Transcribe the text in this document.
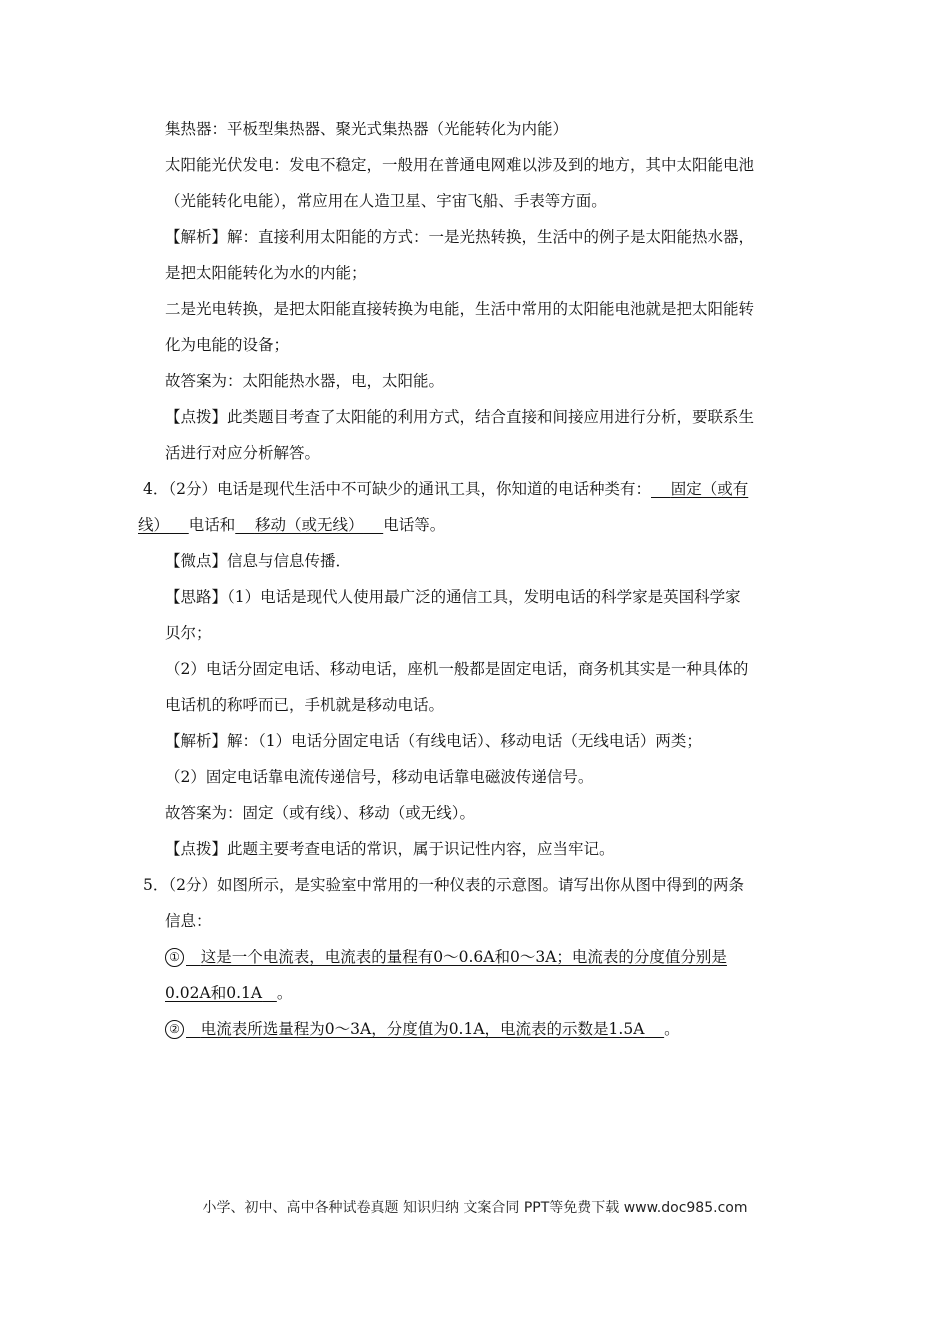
集热器：平板型集热器、聚光式集热器（光能转化为内能）
太阳能光伏发电：发电不稳定，一般用在普通电网难以涉及到的地方，其中太阳能电池
（光能转化电能），常应用在人造卫星、宇宙飞船、手表等方面。
【解析】解：直接利用太阳能的方式：一是光热转换，生活中的例子是太阳能热水器，
是把太阳能转化为水的内能；
二是光电转换，是把太阳能直接转换为电能，生活中常用的太阳能电池就是把太阳能转
化为电能的设备；
故答案为：太阳能热水器，电，太阳能。
【点拨】此类题目考查了太阳能的利用方式，结合直接和间接应用进行分析，要联系生
活进行对应分析解答。
4．（2分）电话是现代生活中不可缺少的通讯工具，你知道的电话种类有： 固定（或有
线） 电话和 移动（或无线） 电话等。
【微点】信息与信息传播．
【思路】（1）电话是现代人使用最广泛的通信工具，发明电话的科学家是英国科学家
贝尔；
（2）电话分固定电话、移动电话，座机一般都是固定电话，商务机其实是一种具体的
电话机的称呼而已，手机就是移动电话。
【解析】解：（1）电话分固定电话（有线电话）、移动电话（无线电话）两类；
（2）固定电话靠电流传递信号，移动电话靠电磁波传递信号。
故答案为：固定（或有线）、移动（或无线）。
【点拨】此题主要考查电话的常识，属于识记性内容，应当牢记。
5．（2分）如图所示，是实验室中常用的一种仪表的示意图。请写出你从图中得到的两条
信息：
① 这是一个电流表，电流表的量程有0～0.6A和0～3A；电流表的分度值分别是
0.02A和0.1A 。
② 电流表所选量程为0～3A，分度值为0.1A，电流表的示数是1.5A 。
小学、初中、高中各种试卷真题 知识归纳 文案合同 PPT等免费下载 www.doc985.com
